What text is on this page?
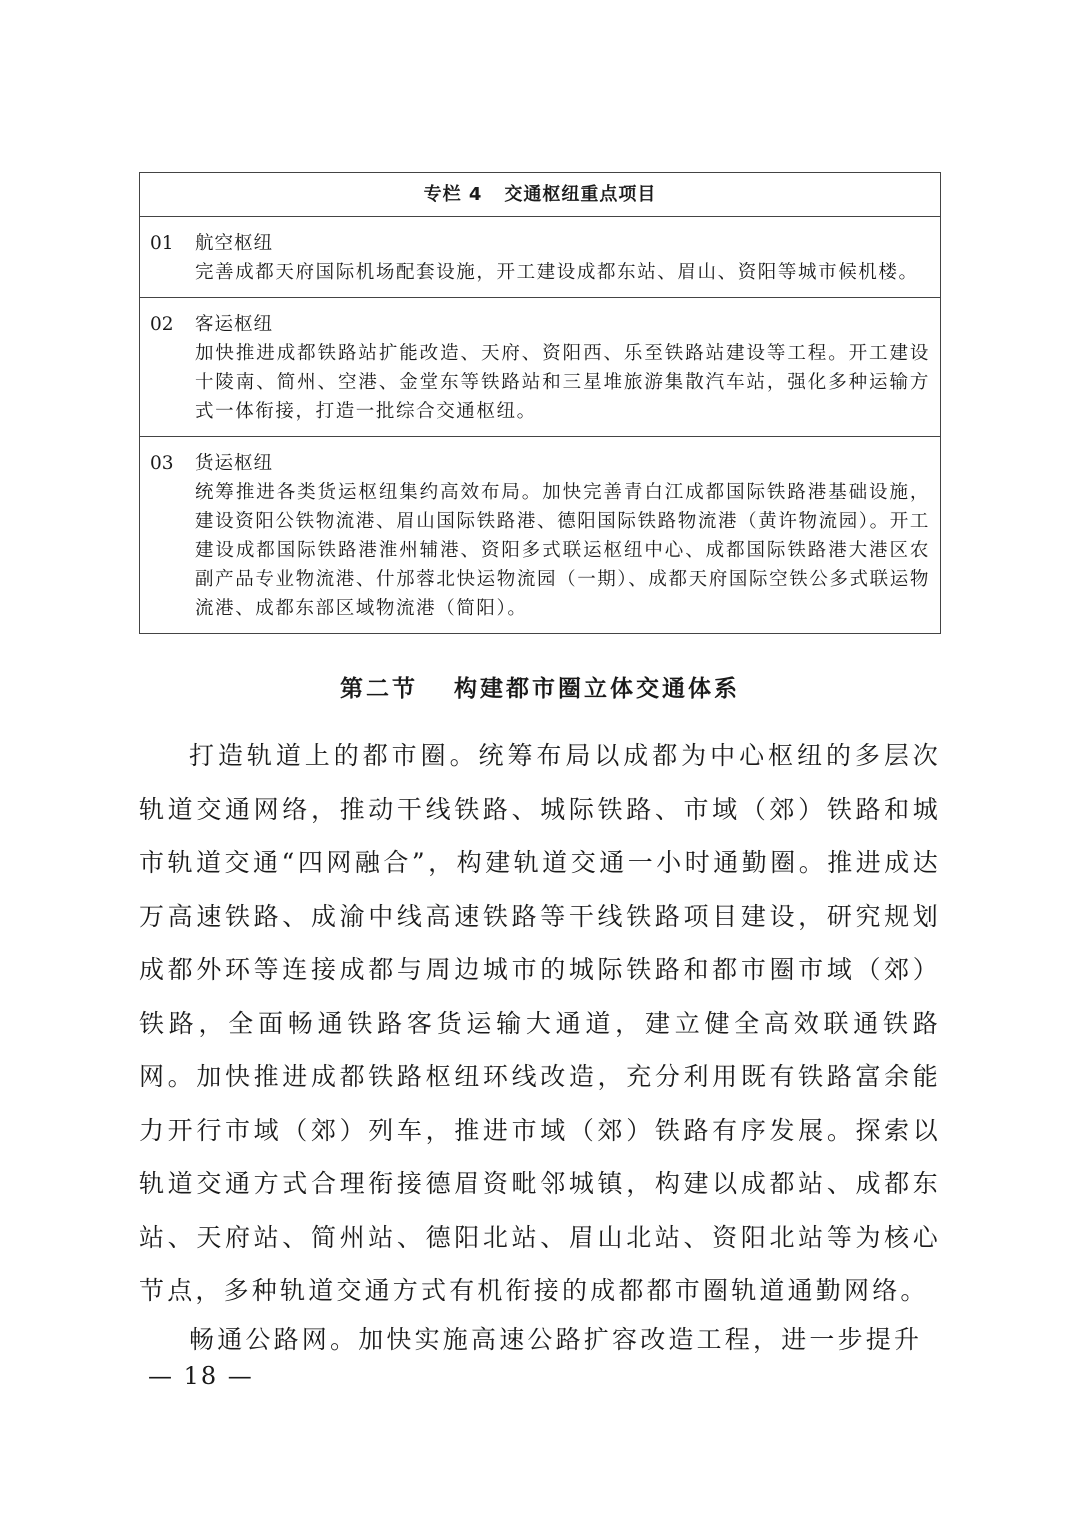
专栏 4 交通枢纽重点项目
01 航空枢纽
完善成都天府国际机场配套设施，开工建设成都东站、眉山、资阳等城市候机楼。
02 客运枢纽
加快推进成都铁路站扩能改造、天府、资阳西、乐至铁路站建设等工程。开工建设十陵南、简州、空港、金堂东等铁路站和三星堆旅游集散汽车站，强化多种运输方式一体衔接，打造一批综合交通枢纽。
03 货运枢纽
统筹推进各类货运枢纽集约高效布局。加快完善青白江成都国际铁路港基础设施，建设资阳公铁物流港、眉山国际铁路港、德阳国际铁路物流港（黄许物流园）。开工建设成都国际铁路港淮州辅港、资阳多式联运枢纽中心、成都国际铁路港大港区农副产品专业物流港、什邡蓉北快运物流园（一期）、成都天府国际空铁公多式联运物流港、成都东部区域物流港（简阳）。
第二节 构建都市圈立体交通体系
打造轨道上的都市圈。统筹布局以成都为中心枢纽的多层次轨道交通网络，推动干线铁路、城际铁路、市域（郊）铁路和城市轨道交通“四网融合”，构建轨道交通一小时通勤圈。推进成达万高速铁路、成渝中线高速铁路等干线铁路项目建设，研究规划成都外环等连接成都与周边城市的城际铁路和都市圈市域（郊）铁路，全面畅通铁路客货运输大通道，建立健全高效联通铁路网。加快推进成都铁路枢纽环线改造，充分利用既有铁路富余能力开行市域（郊）列车，推进市域（郊）铁路有序发展。探索以轨道交通方式合理衔接德眉资毗邻城镇，构建以成都站、成都东站、天府站、简州站、德阳北站、眉山北站、资阳北站等为核心节点，多种轨道交通方式有机衔接的成都都市圈轨道通勤网络。
畅通公路网。加快实施高速公路扩容改造工程，进一步提升
— 18 —
